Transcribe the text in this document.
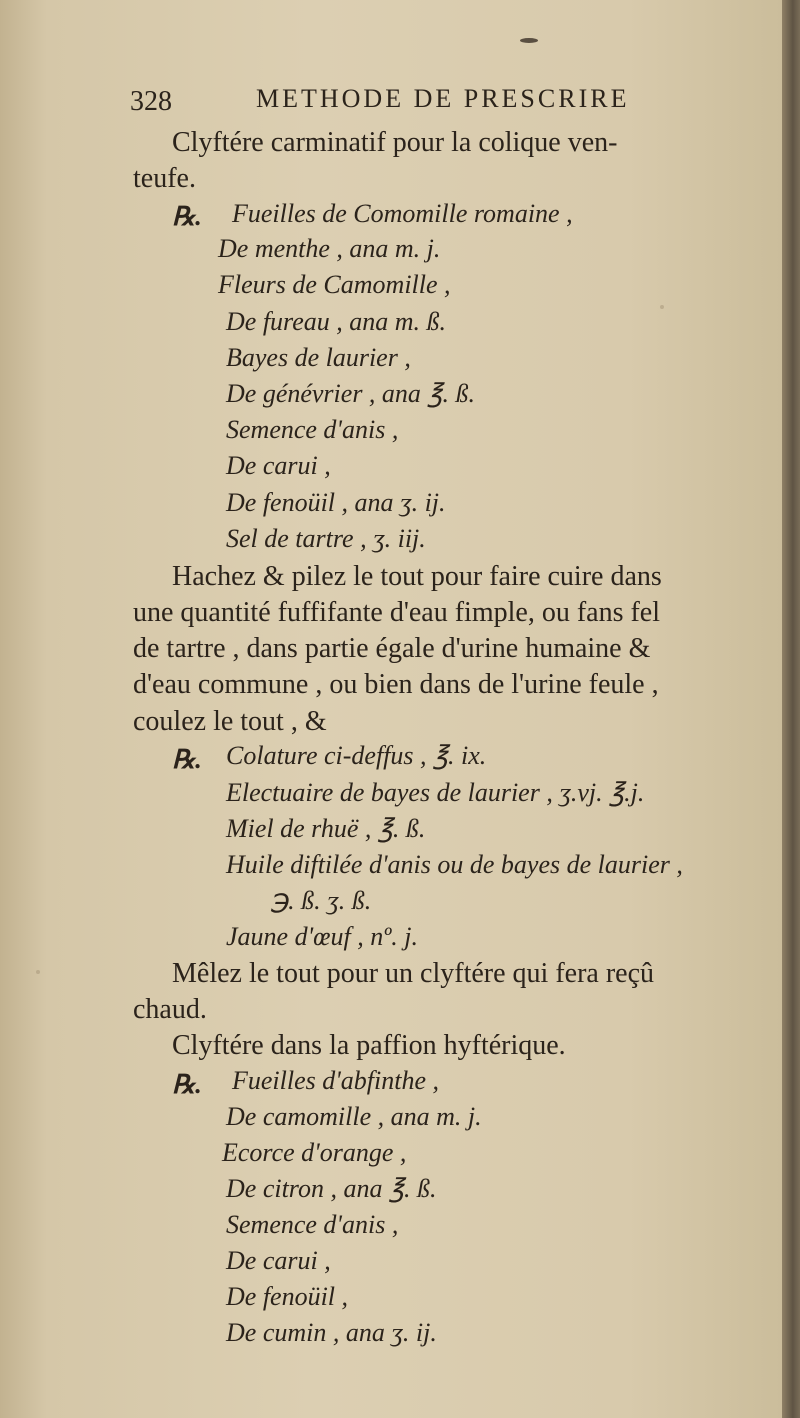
328	METHODE DE PRESCRIRE
Clyftére carminatif pour la colique ven-
teufe.
℞. Fueilles de Comomille romaine ,
De menthe , ana m. j.
Fleurs de Camomille ,
De fureau , ana m. ß.
Bayes de laurier ,
De génévrier , ana ℥. ß.
Semence d'anis ,
De carui ,
De fenoüil , ana ʒ. ij.
Sel de tartre , ʒ. iij.
Hachez & pilez le tout pour faire cuire dans
une quantité fuffifante d'eau fimple, ou fans fel
de tartre , dans partie égale d'urine humaine &
d'eau commune , ou bien dans de l'urine feule ,
coulez le tout , &
℞. Colature ci-deffus , ℥. ix.
Electuaire de bayes de laurier , ʒ.vj. ℥.j.
Miel de rhuë , ℥. ß.
Huile diftilée d'anis ou de bayes de laurier ,
℈. ß. ʒ. ß.
Jaune d'œuf , nº. j.
Mêlez le tout pour un clyftére qui fera reçû
chaud.
Clyftére dans la paffion hyftérique.
℞. Fueilles d'abfinthe ,
De camomille , ana m. j.
Ecorce d'orange ,
De citron , ana ℥. ß.
Semence d'anis ,
De carui ,
De fenoüil ,
De cumin , ana ʒ. ij.
